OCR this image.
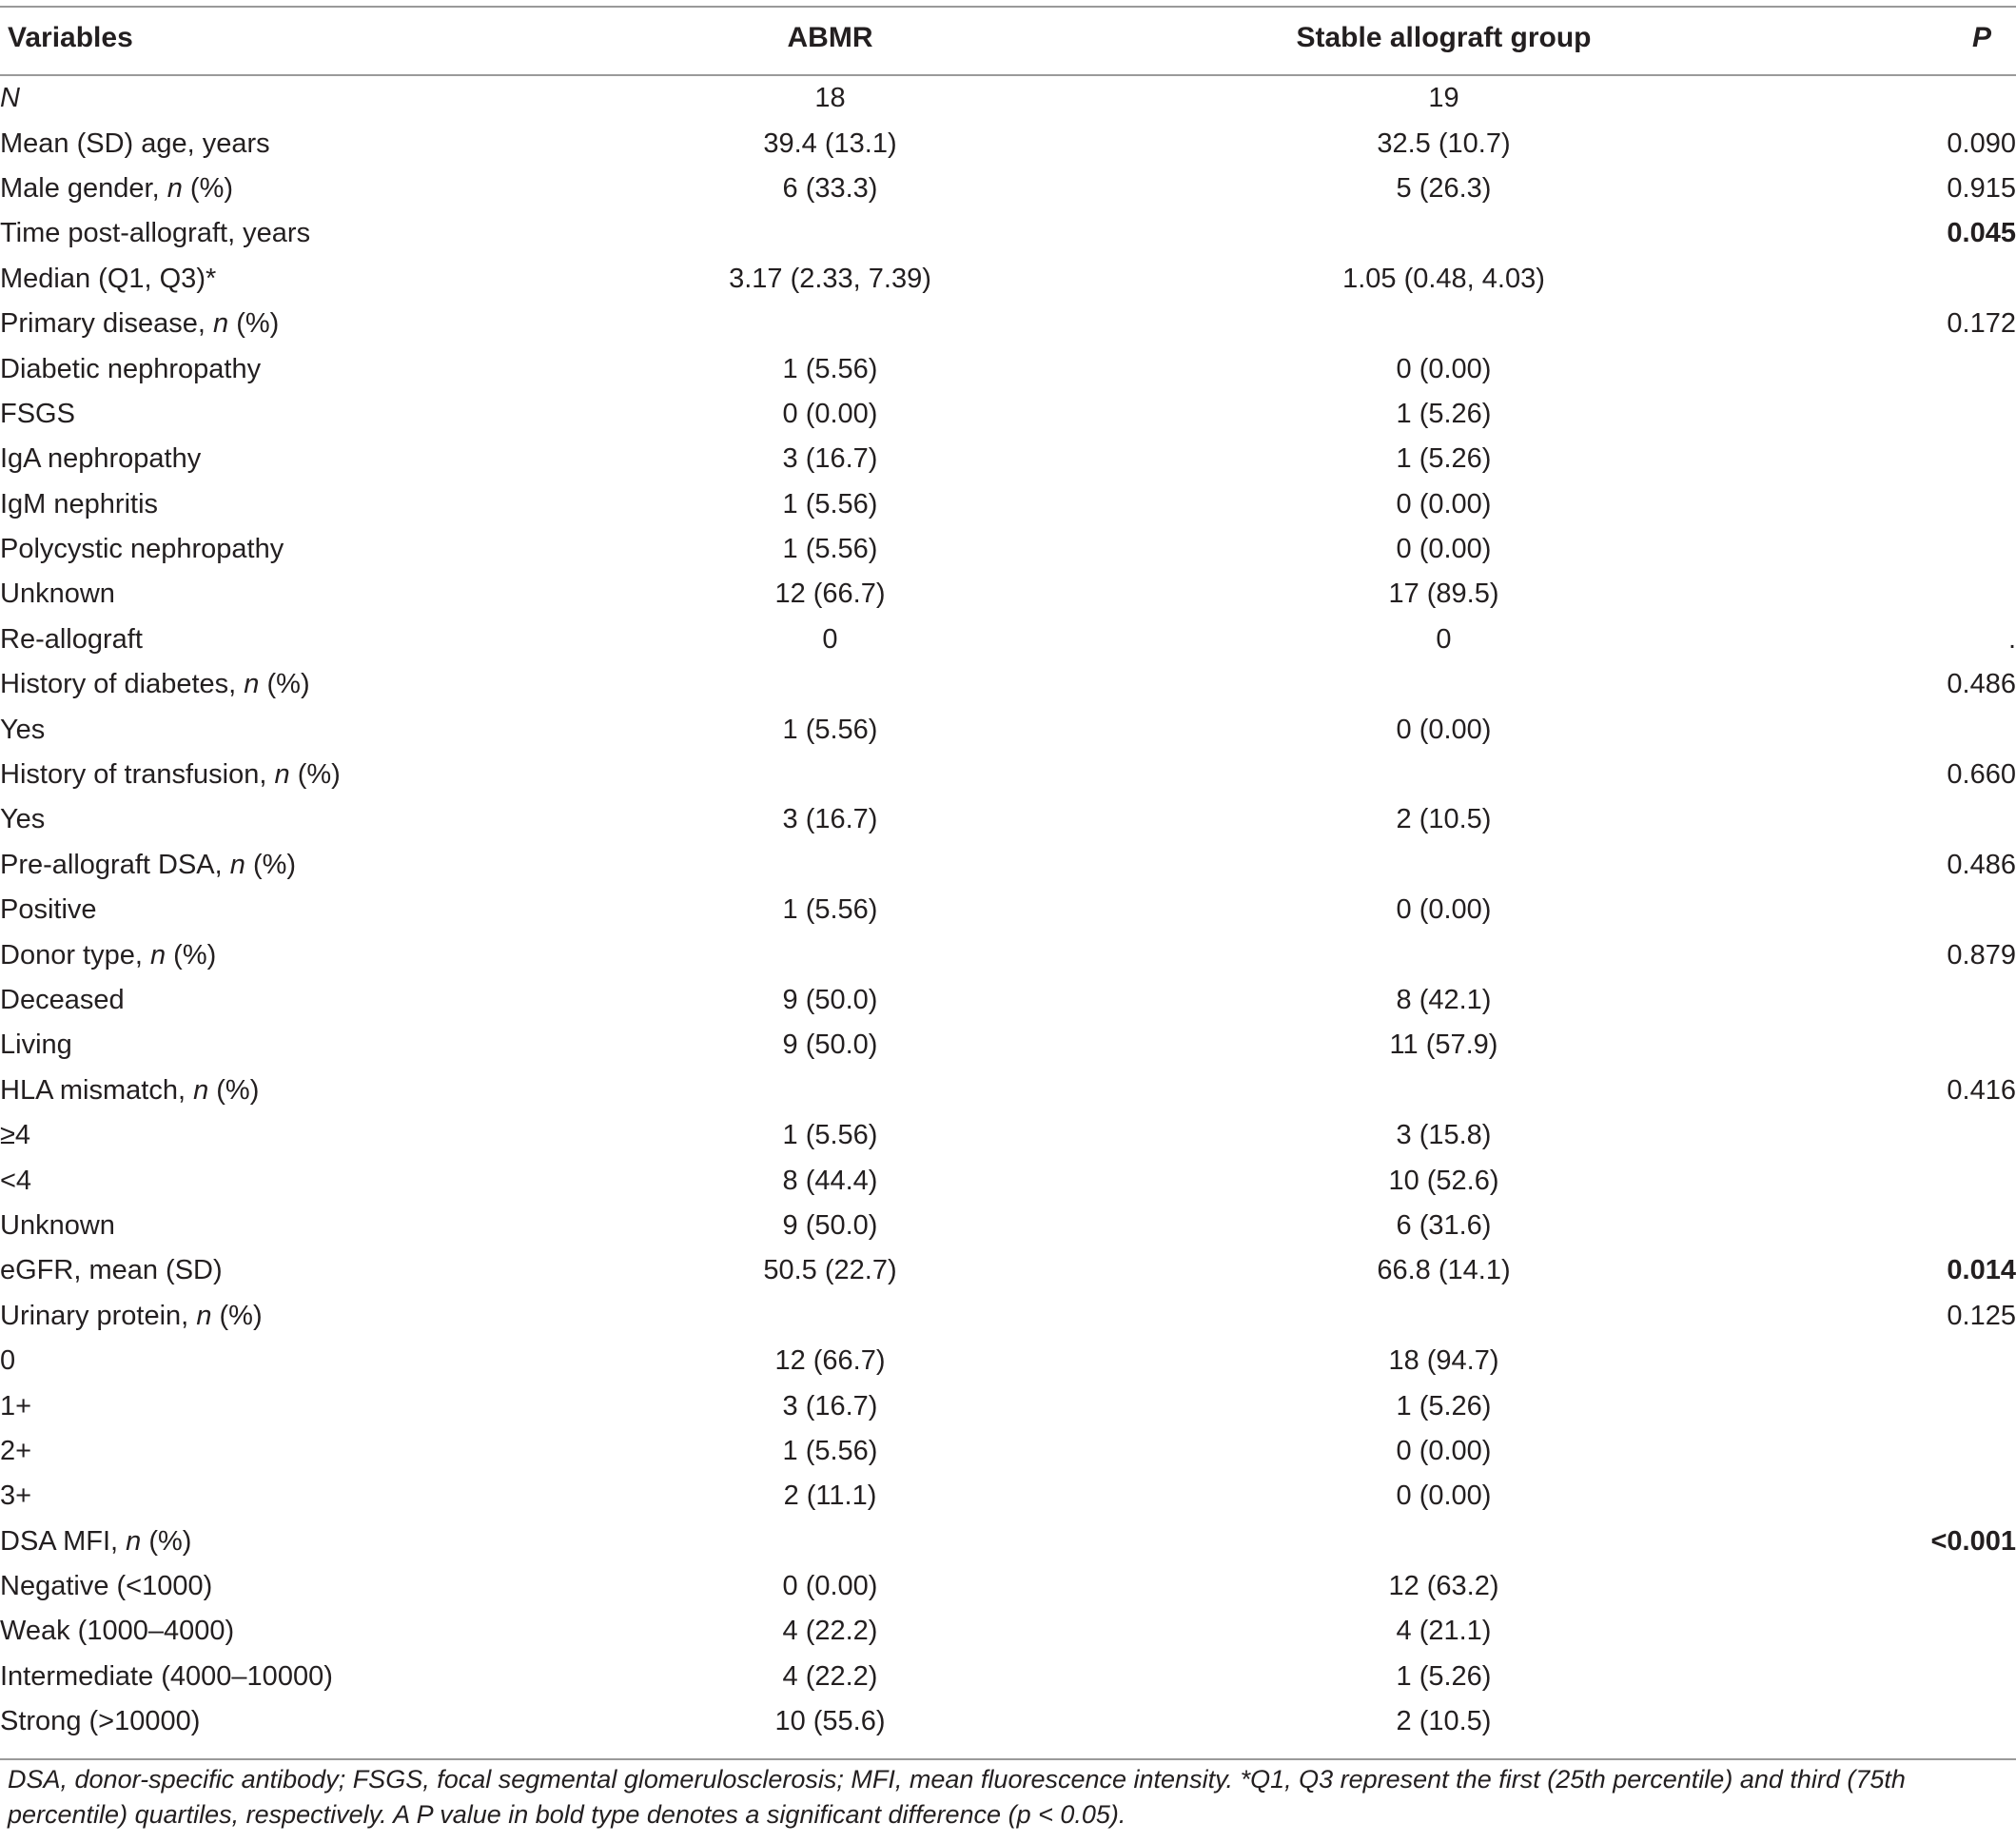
Variables	ABMR	Stable allograft group	P
N	18	19	
Mean (SD) age, years	39.4 (13.1)	32.5 (10.7)	0.090
Male gender, n (%)	6 (33.3)	5 (26.3)	0.915
Time post-allograft, years			0.045
Median (Q1, Q3)*	3.17 (2.33, 7.39)	1.05 (0.48, 4.03)	
Primary disease, n (%)			0.172
Diabetic nephropathy	1 (5.56)	0 (0.00)	
FSGS	0 (0.00)	1 (5.26)	
IgA nephropathy	3 (16.7)	1 (5.26)	
IgM nephritis	1 (5.56)	0 (0.00)	
Polycystic nephropathy	1 (5.56)	0 (0.00)	
Unknown	12 (66.7)	17 (89.5)	
Re-allograft	0	0	.
History of diabetes, n (%)			0.486
Yes	1 (5.56)	0 (0.00)	
History of transfusion, n (%)			0.660
Yes	3 (16.7)	2 (10.5)	
Pre-allograft DSA, n (%)			0.486
Positive	1 (5.56)	0 (0.00)	
Donor type, n (%)			0.879
Deceased	9 (50.0)	8 (42.1)	
Living	9 (50.0)	11 (57.9)	
HLA mismatch, n (%)			0.416
≥4	1 (5.56)	3 (15.8)	
<4	8 (44.4)	10 (52.6)	
Unknown	9 (50.0)	6 (31.6)	
eGFR, mean (SD)	50.5 (22.7)	66.8 (14.1)	0.014
Urinary protein, n (%)			0.125
0	12 (66.7)	18 (94.7)	
1+	3 (16.7)	1 (5.26)	
2+	1 (5.56)	0 (0.00)	
3+	2 (11.1)	0 (0.00)	
DSA MFI, n (%)			<0.001
Negative (<1000)	0 (0.00)	12 (63.2)	
Weak (1000–4000)	4 (22.2)	4 (21.1)	
Intermediate (4000–10000)	4 (22.2)	1 (5.26)	
Strong (>10000)	10 (55.6)	2 (10.5)	
DSA, donor-specific antibody; FSGS, focal segmental glomerulosclerosis; MFI, mean fluorescence intensity. *Q1, Q3 represent the first (25th percentile) and third (75th percentile) quartiles, respectively. A P value in bold type denotes a significant difference (p < 0.05).
